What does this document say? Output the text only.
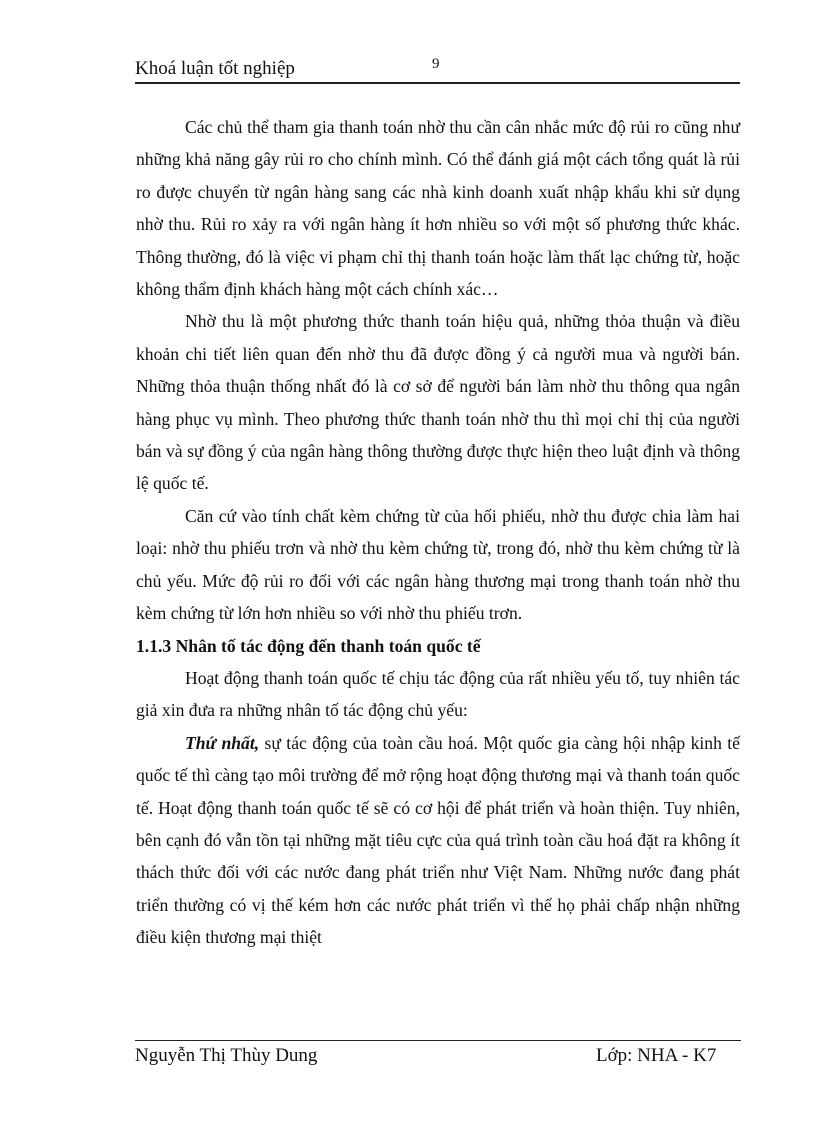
Khoá luận tốt nghiệp	9

Các chủ thể tham gia thanh toán nhờ thu cần cân nhắc mức độ rủi ro cũng như những khả năng gây rủi ro cho chính mình. Có thể đánh giá một cách tổng quát là rủi ro được chuyển từ ngân hàng sang các nhà kinh doanh xuất nhập khẩu khi sử dụng nhờ thu. Rủi ro xảy ra với ngân hàng ít hơn nhiều so với một số phương thức khác. Thông thường, đó là việc vi phạm chỉ thị thanh toán hoặc làm thất lạc chứng từ, hoặc không thẩm định khách hàng một cách chính xác…

Nhờ thu là một phương thức thanh toán hiệu quả, những thỏa thuận và điều khoản chi tiết liên quan đến nhờ thu đã được đồng ý cả người mua và người bán. Những thỏa thuận thống nhất đó là cơ sở để người bán làm nhờ thu thông qua ngân hàng phục vụ mình. Theo phương thức thanh toán nhờ thu thì mọi chỉ thị của người bán và sự đồng ý của ngân hàng thông thường được thực hiện theo luật định và thông lệ quốc tế.

Căn cứ vào tính chất kèm chứng từ của hối phiếu, nhờ thu được chia làm hai loại: nhờ thu phiếu trơn và nhờ thu kèm chứng từ, trong đó, nhờ thu kèm chứng từ là chủ yếu. Mức độ rủi ro đối với các ngân hàng thương mại trong thanh toán nhờ thu kèm chứng từ lớn hơn nhiều so với nhờ thu phiếu trơn.

1.1.3 Nhân tố tác động đến thanh toán quốc tế

Hoạt động thanh toán quốc tế chịu tác động của rất nhiều yếu tố, tuy nhiên tác giả xin đưa ra những nhân tố tác động chủ yếu:

Thứ nhất, sự tác động của toàn cầu hoá. Một quốc gia càng hội nhập kinh tế quốc tế thì càng tạo môi trường để mở rộng hoạt động thương mại và thanh toán quốc tế. Hoạt động thanh toán quốc tế sẽ có cơ hội để phát triển và hoàn thiện. Tuy nhiên, bên cạnh đó vẫn tồn tại những mặt tiêu cực của quá trình toàn cầu hoá đặt ra không ít thách thức đối với các nước đang phát triển như Việt Nam. Những nước đang phát triển thường có vị thế kém hơn các nước phát triển vì thế họ phải chấp nhận những điều kiện thương mại thiệt

Nguyễn Thị Thùy Dung	Lớp: NHA - K7
